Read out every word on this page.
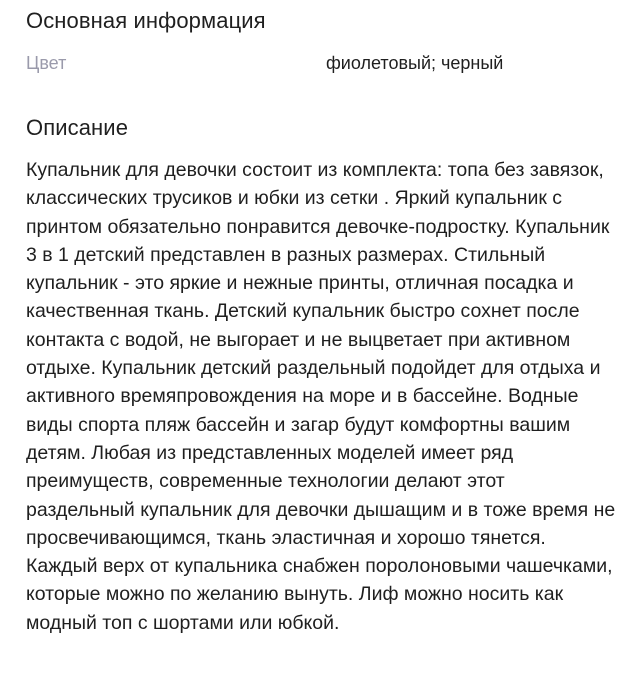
Основная информация
Цвет	фиолетовый; черный
Описание

Купальник для девочки состоит из комплекта: топа без завязок, классических трусиков и юбки из сетки . Яркий купальник с принтом обязательно понравится девочке-подростку. Купальник 3 в 1 детский представлен в разных размерах. Стильный купальник - это яркие и нежные принты, отличная посадка и качественная ткань. Детский купальник быстро сохнет после контакта с водой, не выгорает и не выцветает при активном отдыхе. Купальник детский раздельный подойдет для отдыха и активного времяпровождения на море и в бассейне. Водные виды спорта пляж бассейн и загар будут комфортны вашим детям. Любая из представленных моделей имеет ряд преимуществ, современные технологии делают этот раздельный купальник для девочки дышащим и в тоже время не просвечивающимся, ткань эластичная и хорошо тянется. Каждый верх от купальника снабжен поролоновыми чашечками, которые можно по желанию вынуть. Лиф можно носить как модный топ с шортами или юбкой.
